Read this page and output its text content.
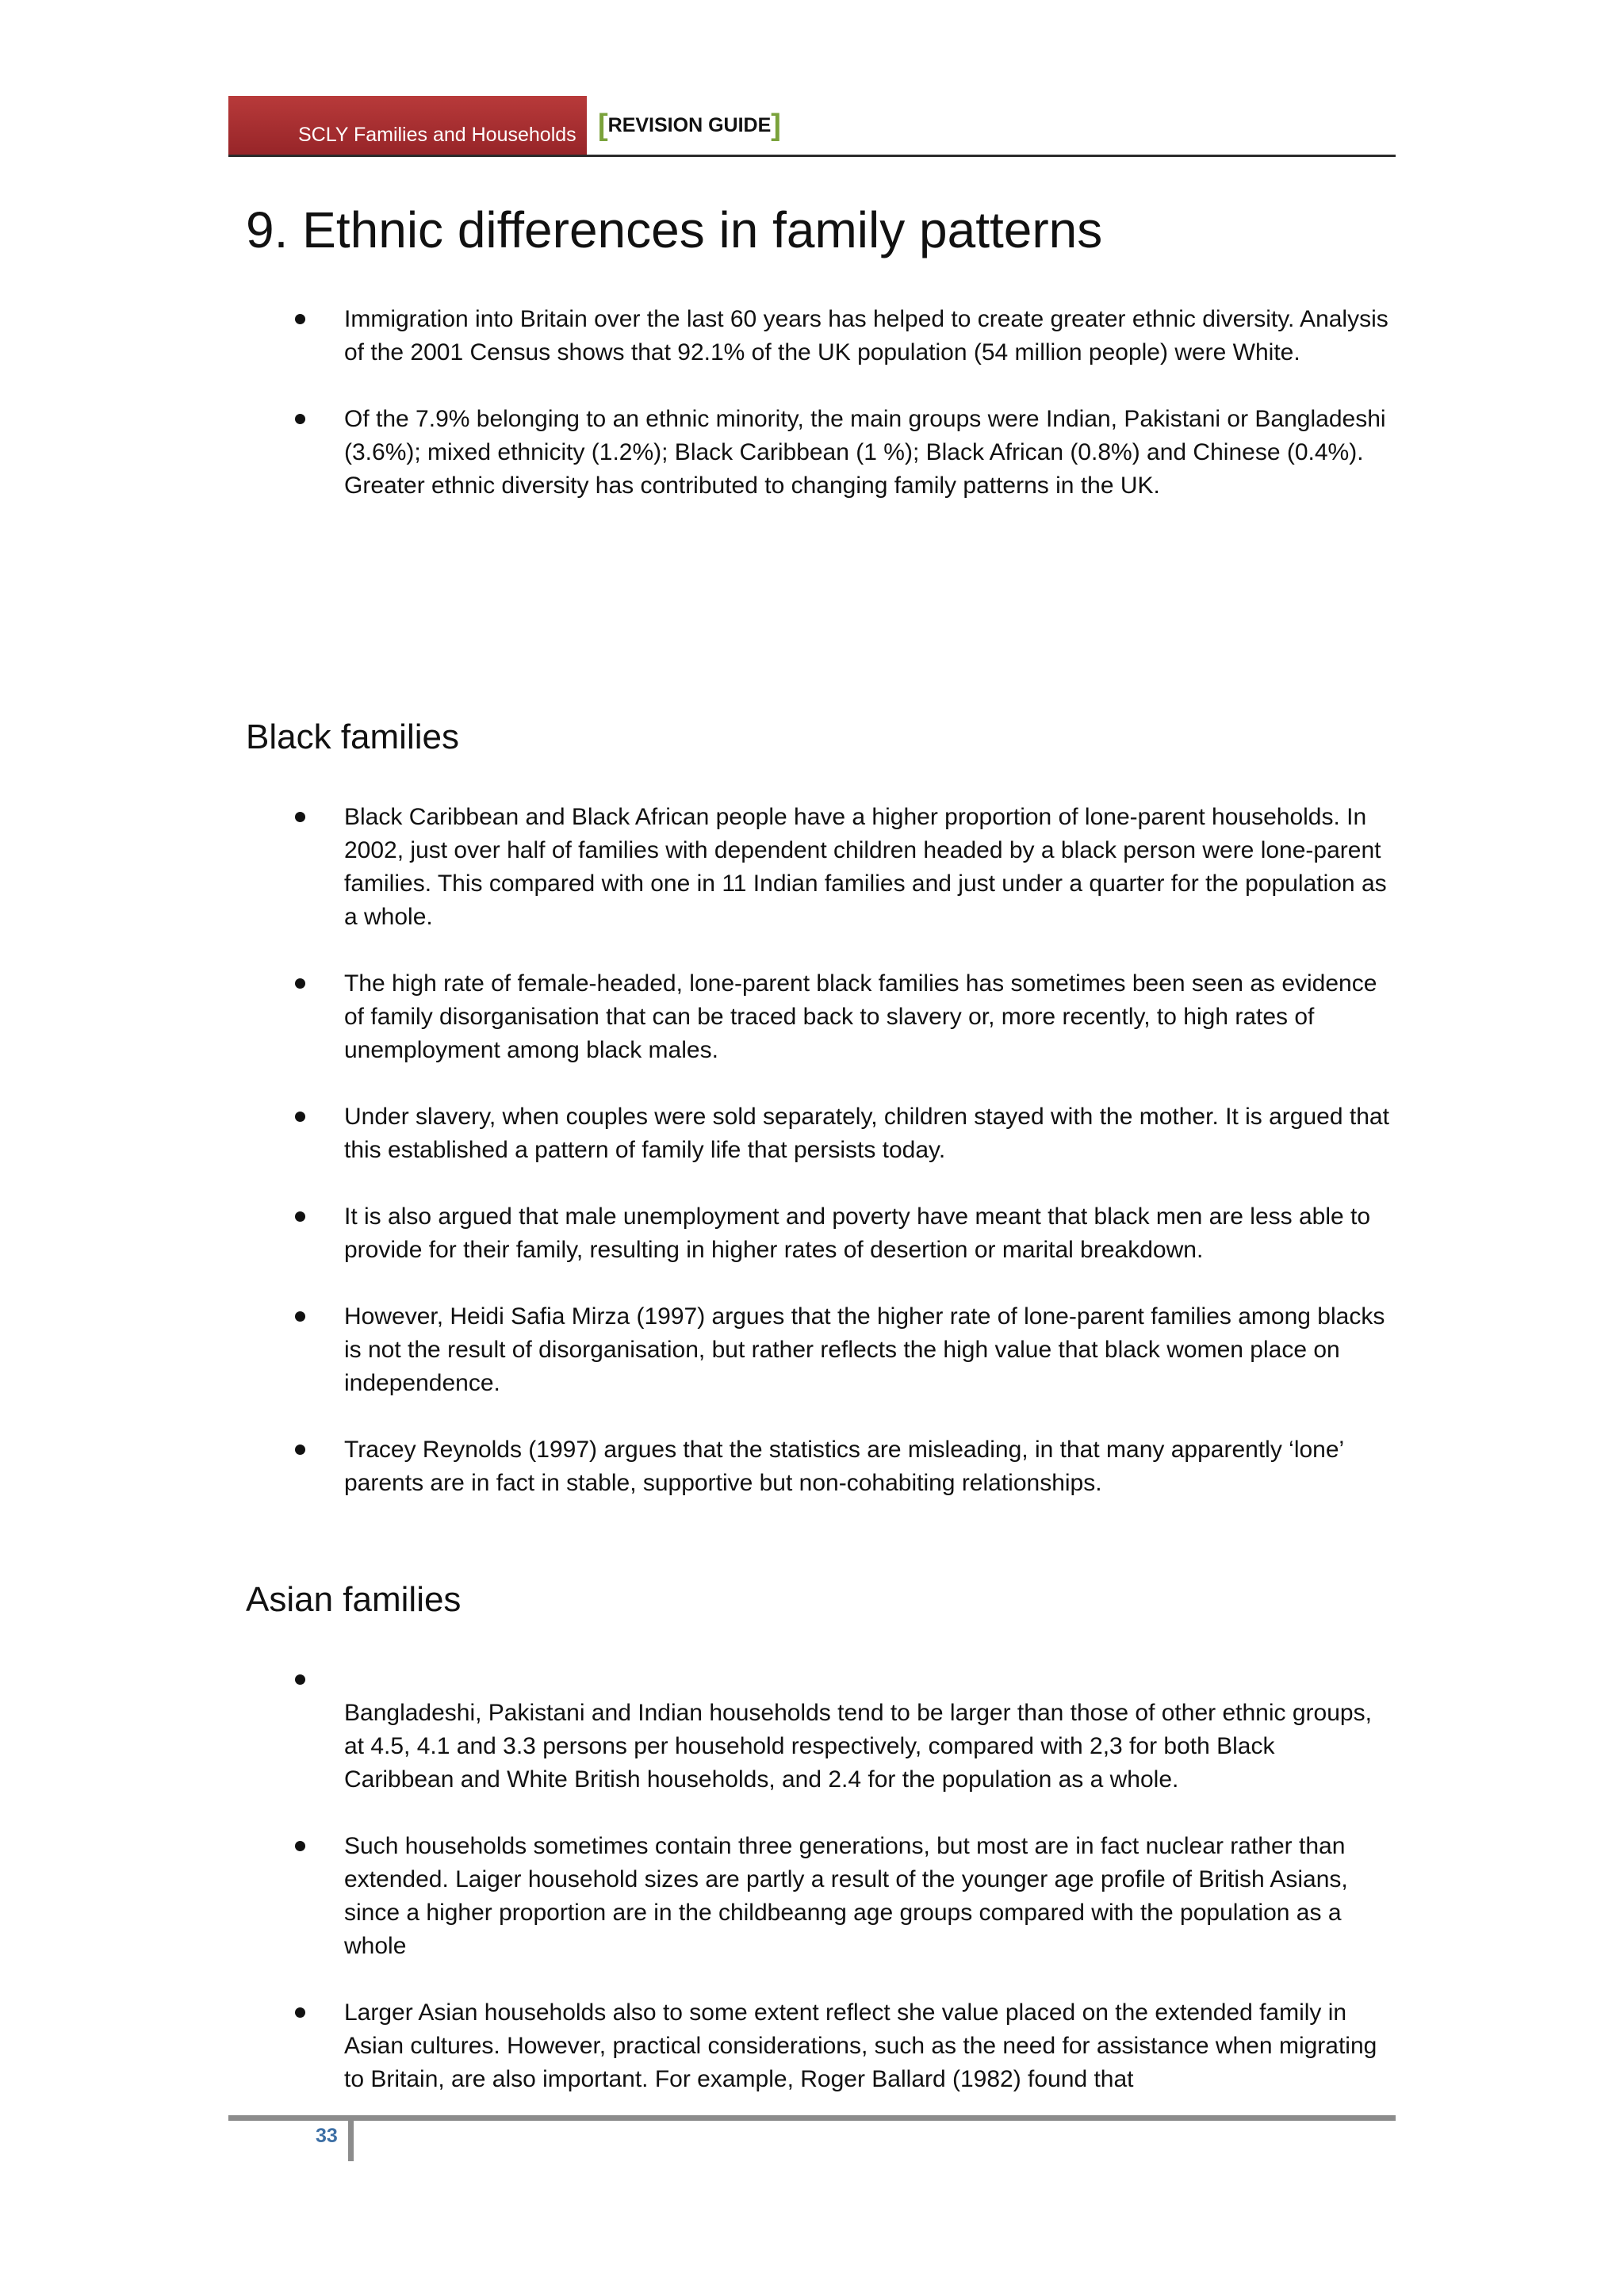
SCLY Families and Households [REVISION GUIDE]
9. Ethnic differences in family patterns
Immigration into Britain over the last 60 years has helped to create greater ethnic diversity. Analysis of the 2001 Census shows that 92.1% of the UK population (54 million people) were White.
Of the 7.9% belonging to an ethnic minority, the main groups were Indian, Pakistani or Bangladeshi (3.6%); mixed ethnicity (1.2%); Black Caribbean (1 %); Black African (0.8%) and Chinese (0.4%). Greater ethnic diversity has contributed to changing family patterns in the UK.
Black families
Black Caribbean and Black African people have a higher proportion of lone-parent households. In 2002, just over half of families with dependent children headed by a black person were lone-parent families. This compared with one in 11 Indian families and just under a quarter for the population as a whole.
The high rate of female-headed, lone-parent black families has sometimes been seen as evidence of family disorganisation that can be traced back to slavery or, more recently, to high rates of unemployment among black males.
Under slavery, when couples were sold separately, children stayed with the mother. It is argued that this established a pattern of family life that persists today.
It is also argued that male unemployment and poverty have meant that black men are less able to provide for their family, resulting in higher rates of desertion or marital breakdown.
However, Heidi Safia Mirza (1997) argues that the higher rate of lone-parent families among blacks is not the result of disorganisation, but rather reflects the high value that black women place on independence.
Tracey Reynolds (1997) argues that the statistics are misleading, in that many apparently ‘lone’ parents are in fact in stable, supportive but non-cohabiting relationships.
Asian families
Bangladeshi, Pakistani and Indian households tend to be larger than those of other ethnic groups, at 4.5, 4.1 and 3.3 persons per household respectively, compared with 2,3 for both Black Caribbean and White British households, and 2.4 for the population as a whole.
Such households sometimes contain three generations, but most are in fact nuclear rather than extended. Laiger household sizes are partly a result of the younger age profile of British Asians, since a higher proportion are in the childbeanng age groups compared with the population as a whole
Larger Asian households also to some extent reflect she value placed on the extended family in Asian cultures. However, practical considerations, such as the need for assistance when migrating to Britain, are also important. For example, Roger Ballard (1982) found that
33
